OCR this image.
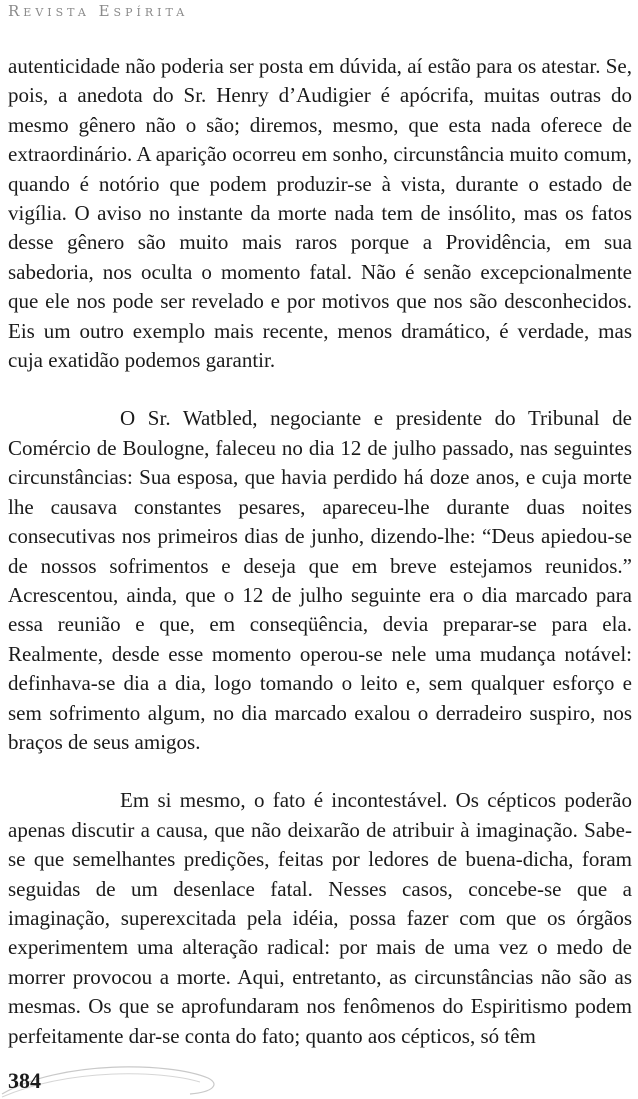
Revista Espírita

autenticidade não poderia ser posta em dúvida, aí estão para os atestar. Se, pois, a anedota do Sr. Henry d’Audigier é apócrifa, muitas outras do mesmo gênero não o são; diremos, mesmo, que esta nada oferece de extraordinário. A aparição ocorreu em sonho, circunstância muito comum, quando é notório que podem produzir-se à vista, durante o estado de vigília. O aviso no instante da morte nada tem de insólito, mas os fatos desse gênero são muito mais raros porque a Providência, em sua sabedoria, nos oculta o momento fatal. Não é senão excepcionalmente que ele nos pode ser revelado e por motivos que nos são desconhecidos. Eis um outro exemplo mais recente, menos dramático, é verdade, mas cuja exatidão podemos garantir.

O Sr. Watbled, negociante e presidente do Tribunal de Comércio de Boulogne, faleceu no dia 12 de julho passado, nas seguintes circunstâncias: Sua esposa, que havia perdido há doze anos, e cuja morte lhe causava constantes pesares, apareceu-lhe durante duas noites consecutivas nos primeiros dias de junho, dizendo-lhe: “Deus apiedou-se de nossos sofrimentos e deseja que em breve estejamos reunidos.” Acrescentou, ainda, que o 12 de julho seguinte era o dia marcado para essa reunião e que, em conseqüência, devia preparar-se para ela. Realmente, desde esse momento operou-se nele uma mudança notável: definhava-se dia a dia, logo tomando o leito e, sem qualquer esforço e sem sofrimento algum, no dia marcado exalou o derradeiro suspiro, nos braços de seus amigos.

Em si mesmo, o fato é incontestável. Os cépticos poderão apenas discutir a causa, que não deixarão de atribuir à imaginação. Sabe-se que semelhantes predições, feitas por ledores de buena-dicha, foram seguidas de um desenlace fatal. Nesses casos, concebe-se que a imaginação, superexcitada pela idéia, possa fazer com que os órgãos experimentem uma alteração radical: por mais de uma vez o medo de morrer provocou a morte. Aqui, entretanto, as circunstâncias não são as mesmas. Os que se aprofundaram nos fenômenos do Espiritismo podem perfeitamente dar-se conta do fato; quanto aos cépticos, só têm

384
